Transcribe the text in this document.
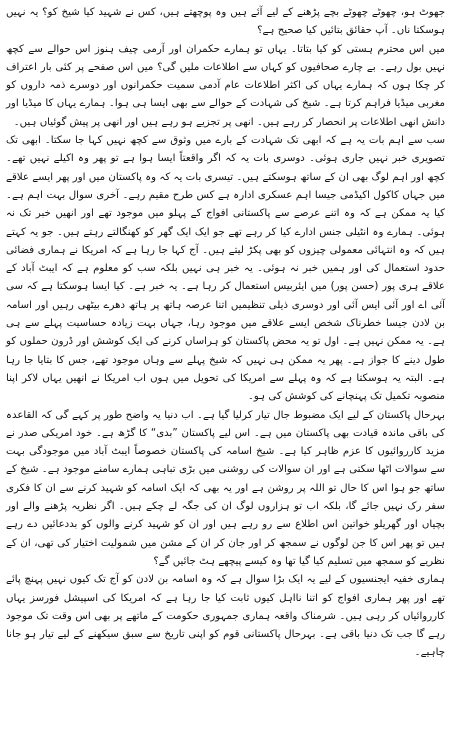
جھوٹ ہو، چھوٹے چھوٹے بچے پڑھنے کے لیے آئے ہیں وہ پوچھتے ہیں، کس نے شہید کیا شیخ کو؟ یہ نہیں ہوسکتا ناں۔ آپ حقائق بتائیں کیا صحیح ہے؟

میں اس محترم ہستی کو کیا بتاتا۔ یہاں تو ہمارے حکمران اور آرمی چیف ہنوز اس حوالے سے کچھ نہیں بول رہے۔ بے چارے صحافیوں کو کہاں سے اطلاعات ملیں گی؟ میں اس صفحے پر کئی بار اعتراف کر چکا ہوں کہ ہمارے یہاں کی اکثر اطلاعات عام آدمی سمیت حکمرانوں اور دوسرے ذمہ داروں کو مغربی میڈیا فراہم کرتا ہے۔ شیخ کی شہادت کے حوالے سے بھی ایسا ہی ہوا۔ ہمارے یہاں کا میڈیا اور دانش انھی اطلاعات پر انحصار کر رہے ہیں۔ انھی پر تجزیے ہو رہے ہیں اور انھی پر پیش گوئیاں ہیں۔

سب سے اہم بات یہ ہے کہ ابھی تک شہادت کے بارے میں وثوق سے کچھ نہیں کہا جا سکتا۔ ابھی تک تصویری خبر نہیں جاری ہوئی۔ دوسری بات یہ کہ اگر واقعتاً ایسا ہوا ہے تو پھر وہ اکیلے نہیں تھے۔ کچھ اور اہم لوگ بھی ان کے ساتھ ہوسکتے ہیں۔ تیسری بات یہ کہ وہ پاکستان میں اور پھر ایسے علاقے میں جہاں کاکول اکیڈمی جیسا اہم عسکری ادارہ ہے کس طرح مقیم رہے۔ آخری سوال بہت اہم ہے۔ کیا یہ ممکن ہے کہ وہ اتنے عرصے سے پاکستانی افواج کے پہلو میں موجود تھے اور انھیں خبر تک نہ ہوئی۔ ہمارے وہ انٹیلی جنس ادارے کیا کر رہے تھے جو ایک ایک گھر کو کھنگالتے رہتے ہیں۔ جو یہ کہتے ہیں کہ وہ انتہائی معمولی چیزوں کو بھی پکڑ لیتے ہیں۔ آج کہا جا رہا ہے کہ امریکا نے ہماری فضائی حدود استعمال کی اور ہمیں خبر نہ ہوئی۔ یہ خبر ہی نہیں بلکہ سب کو معلوم ہے کہ ایبٹ آباد کے علاقے ہری پور (حسن پور) میں ایئربیس استعمال کر رہا ہے۔ یہ خبر ہے۔ کیا ایسا ہوسکتا ہے کہ سی آئی اے اور آئی ایس آئی اور دوسری ذیلی تنظیمیں اتنا عرصہ ہاتھ پر ہاتھ دھرے بیٹھی رہیں اور اسامہ بن لادن جیسا خطرناک شخص ایسے علاقے میں موجود رہا، جہاں بہت زیادہ حساسیت پہلے سے ہی ہے۔ یہ ممکن نہیں ہے۔ اول تو یہ محض پاکستان کو ہراساں کرنے کی ایک کوشش اور ڈرون حملوں کو طول دینے کا جواز ہے۔ پھر یہ ممکن ہی نہیں کہ شیخ پہلے سے وہاں موجود تھے، جس کا بتایا جا رہا ہے۔ البتہ یہ ہوسکتا ہے کہ وہ پہلے سے امریکا کی تحویل میں ہوں اب امریکا نے انھیں یہاں لاکر اپنا منصوبہ تکمیل تک پہنچانے کی کوشش کی ہو۔

بہرحال پاکستان کے لیے ایک مضبوط جال تیار کرلیا گیا ہے۔ اب دنیا یہ واضح طور پر کہے گی کہ القاعدہ کی باقی ماندہ قیادت بھی پاکستان میں ہے۔ اس لیے پاکستان ”بدی“ کا گڑھ ہے۔ خود امریکی صدر نے مزید کارروائیوں کا عزم ظاہر کیا ہے۔ شیخ اسامہ کی پاکستان خصوصاً ایبٹ آباد میں موجودگی بہت سے سوالات اٹھا سکتی ہے اور ان سوالات کی روشنی میں بڑی تباہی ہمارے سامنے موجود ہے۔ شیخ کے ساتھ جو ہوا اس کا حال تو اللہ پر روشن ہے اور یہ بھی کہ ایک اسامہ کو شہید کرنے سے ان کا فکری سفر رک نہیں جائے گا، بلکہ اب تو ہزاروں لوگ ان کی جگہ لے چکے ہیں۔ اگر نظریہ پڑھنے والے اور بچیاں اور گھریلو خواتین اس اطلاع سے رو رہے ہیں اور ان کو شہید کرنے والوں کو بددعائیں دے رہے ہیں تو پھر اس کا جن لوگوں نے سمجھ کر اور جان کر ان کے مشن میں شمولیت اختیار کی تھی، ان کے نظریے کو سمجھ میں تسلیم کیا گیا تھا وہ کیسے پیچھے ہٹ جائیں گے؟

ہماری خفیہ ایجنسیوں کے لیے یہ ایک بڑا سوال ہے کہ وہ اسامہ بن لادن کو آج تک کیوں نہیں پہنچ پائے تھے اور پھر ہماری افواج کو اتنا نااہل کیوں ثابت کیا جا رہا ہے کہ امریکا کی اسپیشل فورسز یہاں کارروائیاں کر رہی ہیں۔ شرمناک واقعہ ہماری جمہوری حکومت کے ماتھے پر بھی اس وقت تک موجود رہے گا جب تک دنیا باقی ہے۔ بہرحال پاکستانی قوم کو اپنی تاریخ سے سبق سیکھنے کے لیے تیار ہو جانا چاہیے۔
